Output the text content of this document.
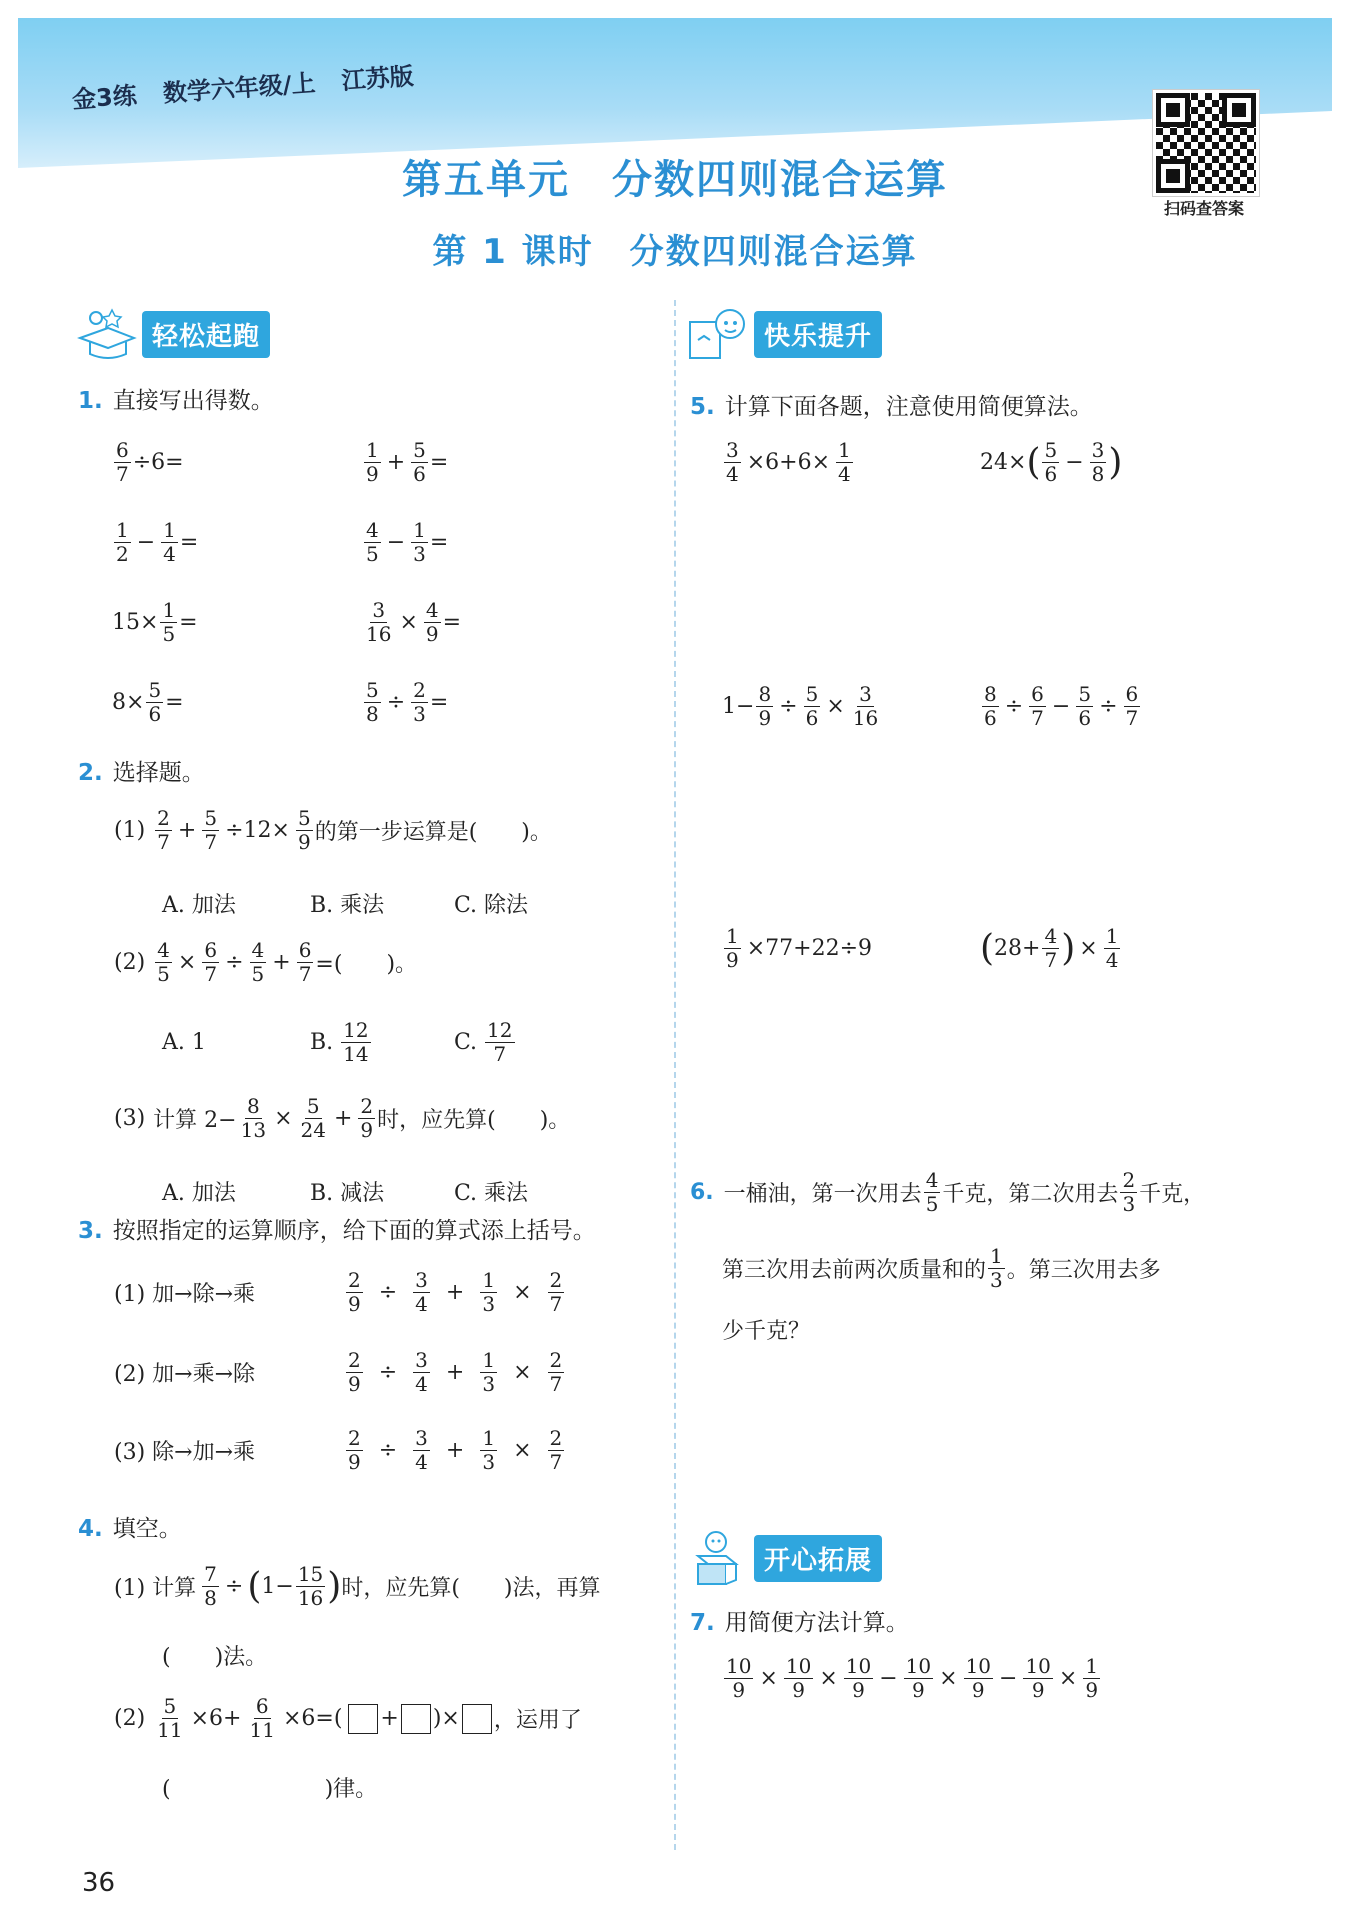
金3练 数学六年级/上 江苏版
扫码查答案
第五单元　分数四则混合运算
第 1 课时　分数四则混合运算
轻松起跑	快乐提升
开心拓展
1. 直接写出得数。
$\frac{6}{7} \div 6=$	$\frac{1}{9} + \frac{5}{6}$ =
$\frac{1}{2} - \frac{1}{4}$ =	$\frac{4}{5} - \frac{1}{3}$ =
$15\times \frac{1}{5}$ =	$\frac{3}{16} \times \frac{4}{9}$ =
$8\times \frac{5}{6}$ =	$\frac{5}{8} \div \frac{2}{3}$ =
2. 选择题。
$(1) \frac{2}{7} + \frac{5}{7} \div 12\times \frac{5}{9}$ 的第一步运算是(　　)。
A. 加法	B. 乘法	C. 除法
$(2) \frac{4}{5} \times \frac{6}{7} \div \frac{4}{5} + \frac{6}{7}$ =(　　)。
A. 1	B. $\frac{12}{14}$	C. $\frac{12}{7}$
(3) 计算 $2- \frac{8}{13} \times \frac{5}{24} + \frac{2}{9}$ 时，应先算(　　)。
A. 加法	B. 减法	C. 乘法
3. 按照指定的运算顺序，给下面的算式添上括号。
(1) 加→除→乘	$\frac{2}{9} \div \frac{3}{4} + \frac{1}{3} \times \frac{2}{7}$
(2) 加→乘→除	$\frac{2}{9} \div \frac{3}{4} + \frac{1}{3} \times \frac{2}{7}$
(3) 除→加→乘	$\frac{2}{9} \div \frac{3}{4} + \frac{1}{3} \times \frac{2}{7}$
4. 填空。
(1) 计算 $\frac{7}{8}$ ÷ ( $1- \frac{15}{16}$ ) 时，应先算(　　)法，再算
(　　)法。
$(2) \frac{5}{11} \times 6+ \frac{6}{11} \times 6=$( + )× ，运用了
(　　　　　　　)律。
5. 计算下面各题，注意使用简便算法。
$\frac{3}{4} \times 6+6\times \frac{1}{4}$	24× ( $\frac{5}{6} - \frac{3}{8}$ )
$1- \frac{8}{9} \div \frac{5}{6} \times \frac{3}{16}$	$\frac{8}{6} \div \frac{6}{7} - \frac{5}{6} \div \frac{6}{7}$
$\frac{1}{9} \times 77+22\div 9$	( $28+ \frac{4}{7}$ ) × $\frac{1}{4}$
6. 一桶油，第一次用去 $\frac{4}{5}$ 千克，第二次用去 $\frac{2}{3}$ 千克，
第三次用去前两次质量和的 $\frac{1}{3}$ 。第三次用去多
少千克？
7. 用简便方法计算。
$\frac{10}{9} \times \frac{10}{9} \times \frac{10}{9} - \frac{10}{9} \times \frac{10}{9} - \frac{10}{9} \times \frac{1}{9}$
36
